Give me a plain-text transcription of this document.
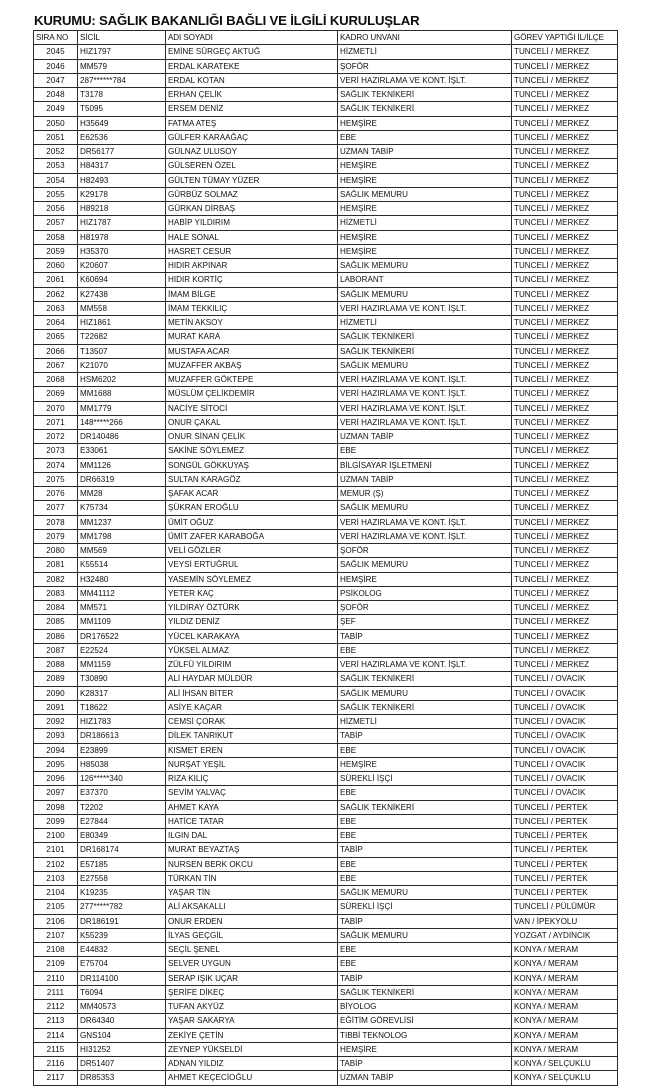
KURUMU: SAĞLIK BAKANLIĞI BAĞLI VE İLGİLİ KURULUŞLAR
SIRA NO	SİCİL	ADI SOYADI	KADRO UNVANI	GÖREV YAPTIĞI İL/İLÇE
2045	HIZ1797	EMİNE SÜRGEÇ AKTUĞ	HİZMETLİ	TUNCELİ / MERKEZ
2046	MM579	ERDAL KARATEKE	ŞOFÖR	TUNCELİ / MERKEZ
2047	287******784	ERDAL KOTAN	VERİ HAZIRLAMA VE KONT. İŞLT.	TUNCELİ / MERKEZ
2048	T3178	ERHAN ÇELİK	SAĞLIK TEKNİKERİ	TUNCELİ / MERKEZ
2049	T5095	ERSEM DENİZ	SAĞLIK TEKNİKERİ	TUNCELİ / MERKEZ
2050	H35649	FATMA ATEŞ	HEMŞİRE	TUNCELİ / MERKEZ
2051	E62536	GÜLFER KARAAĞAÇ	EBE	TUNCELİ / MERKEZ
2052	DR56177	GÜLNAZ ULUSOY	UZMAN TABİP	TUNCELİ / MERKEZ
2053	H84317	GÜLSEREN ÖZEL	HEMŞİRE	TUNCELİ / MERKEZ
2054	H82493	GÜLTEN TÜMAY YÜZER	HEMŞİRE	TUNCELİ / MERKEZ
2055	K29178	GÜRBÜZ SOLMAZ	SAĞLIK MEMURU	TUNCELİ / MERKEZ
2056	H89218	GÜRKAN DİRBAŞ	HEMŞİRE	TUNCELİ / MERKEZ
2057	HIZ1787	HABİP YILDIRIM	HİZMETLİ	TUNCELİ / MERKEZ
2058	H81978	HALE SONAL	HEMŞİRE	TUNCELİ / MERKEZ
2059	H35370	HASRET CESUR	HEMŞİRE	TUNCELİ / MERKEZ
2060	K20607	HIDIR AKPINAR	SAĞLIK MEMURU	TUNCELİ / MERKEZ
2061	K60694	HIDIR KORTİÇ	LABORANT	TUNCELİ / MERKEZ
2062	K27438	İMAM BİLGE	SAĞLIK MEMURU	TUNCELİ / MERKEZ
2063	MM558	İMAM TEKKILIÇ	VERİ HAZIRLAMA VE KONT. İŞLT.	TUNCELİ / MERKEZ
2064	HIZ1861	METİN AKSOY	HİZMETLİ	TUNCELİ / MERKEZ
2065	T22682	MURAT KARA	SAĞLIK TEKNİKERİ	TUNCELİ / MERKEZ
2066	T13507	MUSTAFA ACAR	SAĞLIK TEKNİKERİ	TUNCELİ / MERKEZ
2067	K21070	MUZAFFER AKBAŞ	SAĞLIK MEMURU	TUNCELİ / MERKEZ
2068	HSM6202	MUZAFFER GÖKTEPE	VERİ HAZIRLAMA VE KONT. İŞLT.	TUNCELİ / MERKEZ
2069	MM1688	MÜSLÜM ÇELİKDEMİR	VERİ HAZIRLAMA VE KONT. İŞLT.	TUNCELİ / MERKEZ
2070	MM1779	NACİYE SİTOCİ	VERİ HAZIRLAMA VE KONT. İŞLT.	TUNCELİ / MERKEZ
2071	148*****266	ONUR ÇAKAL	VERİ HAZIRLAMA VE KONT. İŞLT.	TUNCELİ / MERKEZ
2072	DR140486	ONUR SİNAN ÇELİK	UZMAN TABİP	TUNCELİ / MERKEZ
2073	E33061	SAKİNE SÖYLEMEZ	EBE	TUNCELİ / MERKEZ
2074	MM1126	SONGÜL GÖKKUYAŞ	BİLGİSAYAR İŞLETMENİ	TUNCELİ / MERKEZ
2075	DR66319	SULTAN KARAGÖZ	UZMAN TABİP	TUNCELİ / MERKEZ
2076	MM28	ŞAFAK ACAR	MEMUR (Ş)	TUNCELİ / MERKEZ
2077	K75734	ŞÜKRAN EROĞLU	SAĞLIK MEMURU	TUNCELİ / MERKEZ
2078	MM1237	ÜMİT OĞUZ	VERİ HAZIRLAMA VE KONT. İŞLT.	TUNCELİ / MERKEZ
2079	MM1798	ÜMİT ZAFER KARABOĞA	VERİ HAZIRLAMA VE KONT. İŞLT.	TUNCELİ / MERKEZ
2080	MM569	VELİ GÖZLER	ŞOFÖR	TUNCELİ / MERKEZ
2081	K55514	VEYSİ ERTUĞRUL	SAĞLIK MEMURU	TUNCELİ / MERKEZ
2082	H32480	YASEMİN SÖYLEMEZ	HEMŞİRE	TUNCELİ / MERKEZ
2083	MM41112	YETER KAÇ	PSİKOLOG	TUNCELİ / MERKEZ
2084	MM571	YILDIRAY ÖZTÜRK	ŞOFÖR	TUNCELİ / MERKEZ
2085	MM1109	YILDIZ DENİZ	ŞEF	TUNCELİ / MERKEZ
2086	DR176522	YÜCEL KARAKAYA	TABİP	TUNCELİ / MERKEZ
2087	E22524	YÜKSEL ALMAZ	EBE	TUNCELİ / MERKEZ
2088	MM1159	ZÜLFÜ YILDIRIM	VERİ HAZIRLAMA VE KONT. İŞLT.	TUNCELİ / MERKEZ
2089	T30890	ALİ HAYDAR MÜLDÜR	SAĞLIK TEKNİKERİ	TUNCELİ / OVACIK
2090	K28317	ALİ İHSAN BİTER	SAĞLIK MEMURU	TUNCELİ / OVACIK
2091	T18622	ASİYE KAÇAR	SAĞLIK TEKNİKERİ	TUNCELİ / OVACIK
2092	HIZ1783	CEMSİ ÇORAK	HİZMETLİ	TUNCELİ / OVACIK
2093	DR186613	DİLEK TANRIKUT	TABİP	TUNCELİ / OVACIK
2094	E23899	KISMET EREN	EBE	TUNCELİ / OVACIK
2095	H85038	NURŞAT YEŞİL	HEMŞİRE	TUNCELİ / OVACIK
2096	126*****340	RIZA KILIÇ	SÜREKLİ İŞÇİ	TUNCELİ / OVACIK
2097	E37370	SEVİM YALVAÇ	EBE	TUNCELİ / OVACIK
2098	T2202	AHMET KAYA	SAĞLIK TEKNİKERİ	TUNCELİ / PERTEK
2099	E27844	HATİCE TATAR	EBE	TUNCELİ / PERTEK
2100	E80349	ILGIN DAL	EBE	TUNCELİ / PERTEK
2101	DR168174	MURAT BEYAZTAŞ	TABİP	TUNCELİ / PERTEK
2102	E57185	NURSEN BERK OKCU	EBE	TUNCELİ / PERTEK
2103	E27558	TÜRKAN TİN	EBE	TUNCELİ / PERTEK
2104	K19235	YAŞAR TİN	SAĞLIK MEMURU	TUNCELİ / PERTEK
2105	277*****782	ALİ AKSAKALLI	SÜREKLİ İŞÇİ	TUNCELİ / PÜLÜMÜR
2106	DR186191	ONUR ERDEN	TABİP	VAN / İPEKYOLU
2107	K55239	İLYAS GEÇGİL	SAĞLIK MEMURU	YOZGAT / AYDINCIK
2108	E44832	SEÇİL ŞENEL	EBE	KONYA / MERAM
2109	E75704	SELVER UYGUN	EBE	KONYA / MERAM
2110	DR114100	SERAP IŞIK UÇAR	TABİP	KONYA / MERAM
2111	T6094	ŞERİFE DİKEÇ	SAĞLIK TEKNİKERİ	KONYA / MERAM
2112	MM40573	TUFAN AKYÜZ	BİYOLOG	KONYA / MERAM
2113	DR64340	YAŞAR SAKARYA	EĞİTİM GÖREVLİSİ	KONYA / MERAM
2114	GNS104	ZEKİYE ÇETİN	TIBBİ TEKNOLOG	KONYA / MERAM
2115	HI31252	ZEYNEP YÜKSELDİ	HEMŞİRE	KONYA / MERAM
2116	DR51407	ADNAN YILDIZ	TABİP	KONYA / SELÇUKLU
2117	DR85353	AHMET KEÇECİOĞLU	UZMAN TABİP	KONYA / SELÇUKLU
